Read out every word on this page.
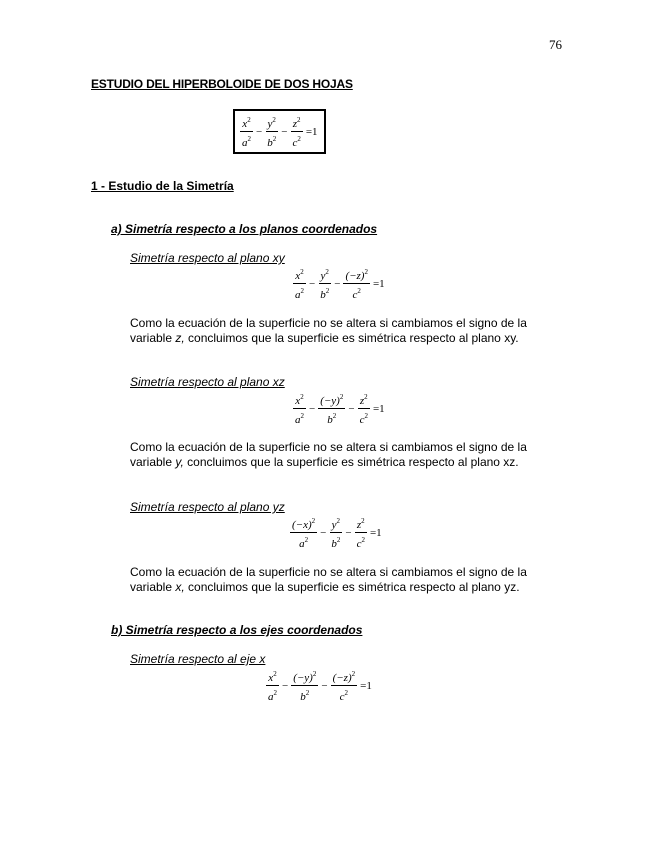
76
ESTUDIO DEL HIPERBOLOIDE DE DOS HOJAS
$\frac{x^2}{a^2} - \frac{y^2}{b^2} - \frac{z^2}{c^2} =1$
1 - Estudio de la Simetría
a) Simetría respecto a los planos coordenados
Simetría respecto al plano xy
$\frac{x^2}{a^2} - \frac{y^2}{b^2} - \frac{(-z)^2}{c^2} =1$
Como la ecuación de la superficie no se altera si cambiamos el signo de la
variable z, concluimos que la superficie es simétrica respecto al plano xy.
Simetría respecto al plano xz
$\frac{x^2}{a^2} - \frac{(-y)^2}{b^2} - \frac{z^2}{c^2} =1$
Como la ecuación de la superficie no se altera si cambiamos el signo de la
variable y, concluimos que la superficie es simétrica respecto al plano xz.
Simetría respecto al plano yz
$\frac{(-x)^2}{a^2} - \frac{y^2}{b^2} - \frac{z^2}{c^2} =1$
Como la ecuación de la superficie no se altera si cambiamos el signo de la
variable x, concluimos que la superficie es simétrica respecto al plano yz.
b) Simetría respecto a los ejes coordenados
Simetría respecto al eje x
$\frac{x^2}{a^2} - \frac{(-y)^2}{b^2} - \frac{(-z)^2}{c^2} =1$
